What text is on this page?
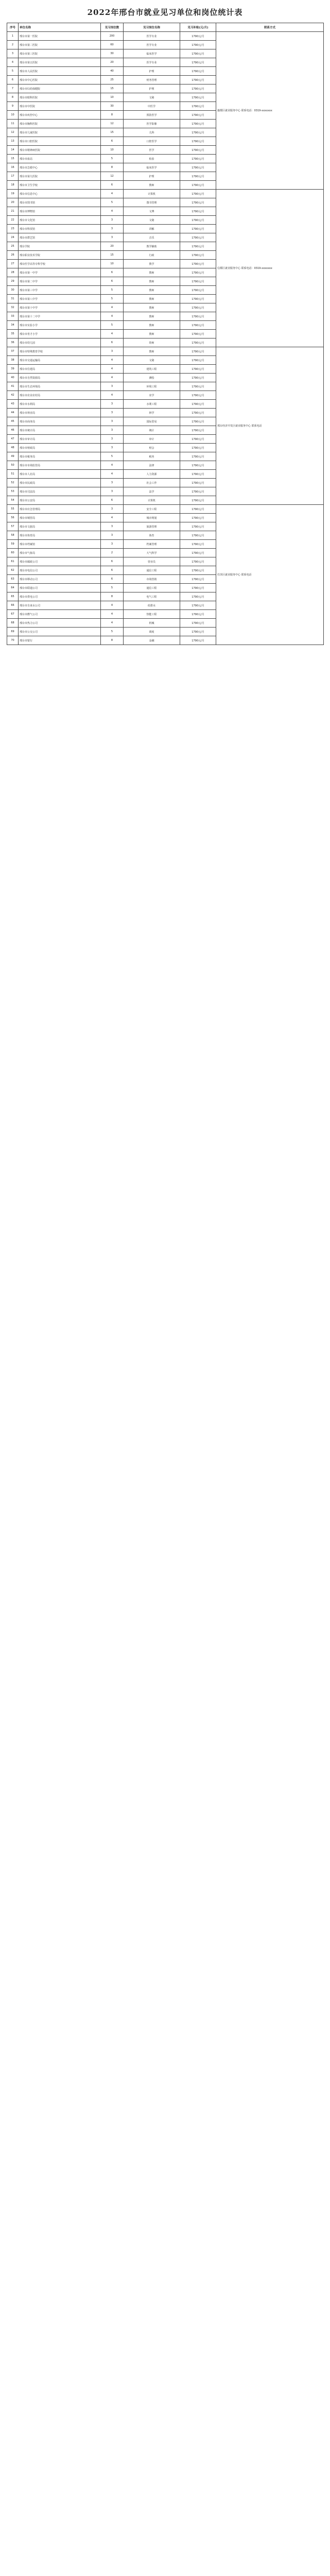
2022年邢台市就业见习单位和岗位统计表
序号	单位名称	见习岗位数	见习岗位名称	见习补贴(元/月)	联系方式
1	邢台市第一医院	200	医学专业	1790元/月	襄都区就业服务中心 联系电话：0319-xxxxxxx
2	邢台市第二医院	60	医学专业	1790元/月	
3	邢台市第三医院	30	临床医学	1790元/月	
4	邢台市第五医院	20	医学专业	1790元/月	
5	邢台市人民医院	40	护理	1790元/月	
6	邢台市中心医院	25	财务管理	1790元/月	
7	邢台市妇幼保健院	15	护理	1790元/月	
8	邢台市眼科医院	10	文秘	1790元/月	
9	邢台市中医院	30	中医学	1790元/月	
10	邢台市疾控中心	8	预防医学	1790元/月	
11	邢台市胸科医院	12	医学影像	1790元/月	
12	邢台市儿童医院	15	儿科	1790元/月	
13	邢台市口腔医院	6	口腔医学	1790元/月	
14	邢台市精神病医院	10	医学	1790元/月	
15	邢台市血站	5	检验	1790元/月	
16	邢台市急救中心	8	临床医学	1790元/月	
17	邢台市第九医院	12	护理	1790元/月	
18	邢台市卫生学校	6	教师	1790元/月	
19	邢台市信息中心	4	计算机	1790元/月	信都区就业服务中心 联系电话：0319-xxxxxxx
20	邢台市图书馆	5	图书管理	1790元/月	
21	邢台市博物馆	4	文博	1790元/月	
22	邢台市文化馆	3	文秘	1790元/月	
23	邢台市科技馆	3	讲解	1790元/月	
24	邢台市群艺馆	3	音乐	1790元/月	
25	邢台学院	20	教学辅助	1790元/月	
26	邢台职业技术学院	15	行政	1790元/月	
27	邢台医学高等专科学校	10	教学	1790元/月	
28	邢台市第一中学	6	教师	1790元/月	
29	邢台市第二中学	6	教师	1790元/月	
30	邢台市第三中学	5	教师	1790元/月	
31	邢台市第八中学	5	教师	1790元/月	
32	邢台市第十中学	4	教师	1790元/月	
33	邢台市第十二中学	4	教师	1790元/月	
34	邢台市实验小学	5	教师	1790元/月	
35	邢台市育才小学	4	教师	1790元/月	
36	邢台市幼儿园	6	幼师	1790元/月	
37	邢台市特殊教育学校	3	教师	1790元/月	邢台经济开发区就业服务中心 联系电话
38	邢台市交通运输局	4	文秘	1790元/月	
39	邢台市住建局	4	建筑工程	1790元/月	
40	邢台市自然资源局	4	测绘	1790元/月	
41	邢台市生态环境局	3	环境工程	1790元/月	
42	邢台市农业农村局	4	农学	1790元/月	
43	邢台市水利局	3	水利工程	1790元/月	
44	邢台市林业局	3	林学	1790元/月	
45	邢台市商务局	3	国际贸易	1790元/月	
46	邢台市统计局	3	统计	1790元/月	
47	邢台市审计局	3	审计	1790元/月	
48	邢台市财政局	3	财会	1790元/月	
49	邢台市税务局	5	税务	1790元/月	
50	邢台市市场监管局	4	法律	1790元/月	
51	邢台市人社局	4	人力资源	1790元/月	
52	邢台市民政局	3	社会工作	1790元/月	
53	邢台市司法局	3	法学	1790元/月	
54	邢台市公安局	6	计算机	1790元/月	
55	邢台市应急管理局	3	安全工程	1790元/月	任泽区就业服务中心 联系电话
56	邢台市城管局	4	城市规划	1790元/月	
57	邢台市文旅局	3	旅游管理	1790元/月	
58	邢台市体育局	3	体育	1790元/月	
59	邢台市档案馆	3	档案管理	1790元/月	
60	邢台市气象局	2	大气科学	1790元/月	
61	邢台市邮政公司	6	营业员	1790元/月	
62	邢台市电信公司	6	通信工程	1790元/月	
63	邢台市移动公司	6	市场营销	1790元/月	
64	邢台市联通公司	5	通信工程	1790元/月	
65	邢台市供电公司	8	电气工程	1790元/月	
66	邢台市自来水公司	4	给排水	1790元/月	
67	邢台市燃气公司	4	热能工程	1790元/月	
68	邢台市热力公司	4	机械	1790元/月	
69	邢台市公交公司	5	调度	1790元/月	
70	邢台市银行	8	金融	1790元/月	
